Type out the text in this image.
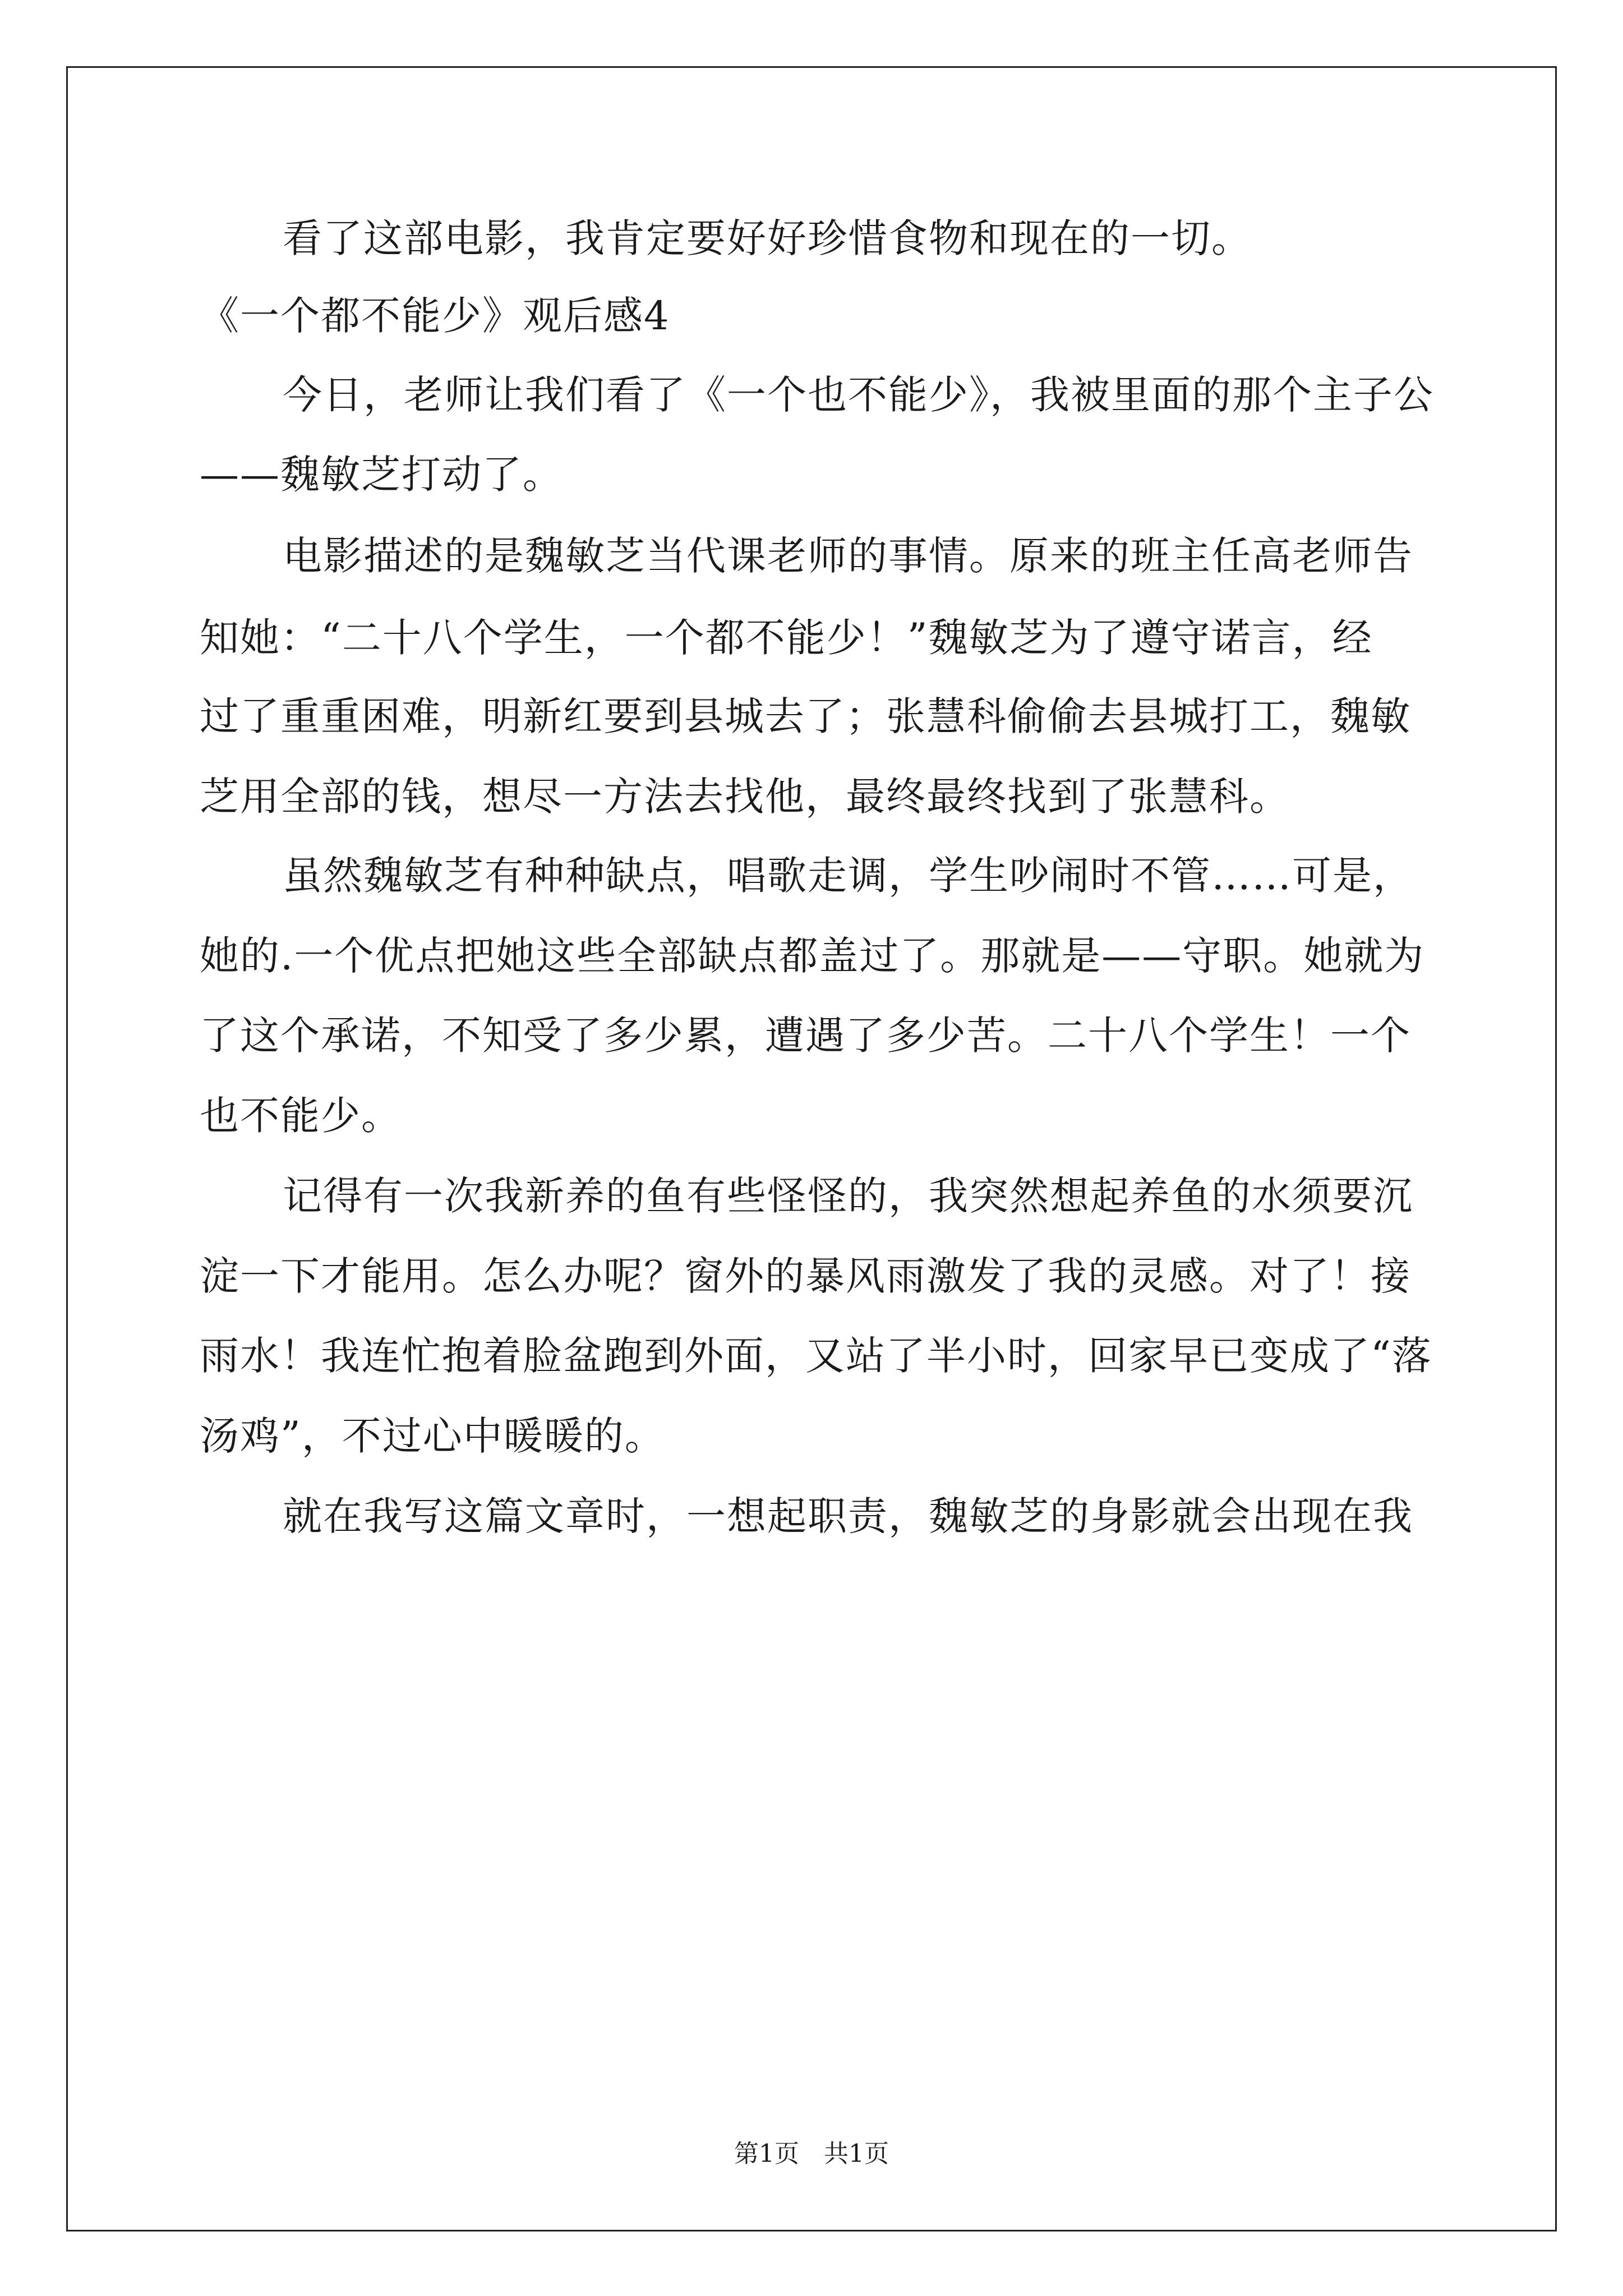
看了这部电影，我肯定要好好珍惜食物和现在的一切。
《一个都不能少》观后感4
今日，老师让我们看了《一个也不能少》，我被里面的那个主子公
——魏敏芝打动了。
电影描述的是魏敏芝当代课老师的事情。原来的班主任高老师告
知她：“二十八个学生，一个都不能少！”魏敏芝为了遵守诺言，经
过了重重困难，明新红要到县城去了；张慧科偷偷去县城打工，魏敏
芝用全部的钱，想尽一方法去找他，最终最终找到了张慧科。
虽然魏敏芝有种种缺点，唱歌走调，学生吵闹时不管……可是，
她的.一个优点把她这些全部缺点都盖过了。那就是——守职。她就为
了这个承诺，不知受了多少累，遭遇了多少苦。二十八个学生！一个
也不能少。
记得有一次我新养的鱼有些怪怪的，我突然想起养鱼的水须要沉
淀一下才能用。怎么办呢？窗外的暴风雨激发了我的灵感。对了！接
雨水！我连忙抱着脸盆跑到外面，又站了半小时，回家早已变成了“落
汤鸡”，不过心中暖暖的。
就在我写这篇文章时，一想起职责，魏敏芝的身影就会出现在我
第1页　共1页
